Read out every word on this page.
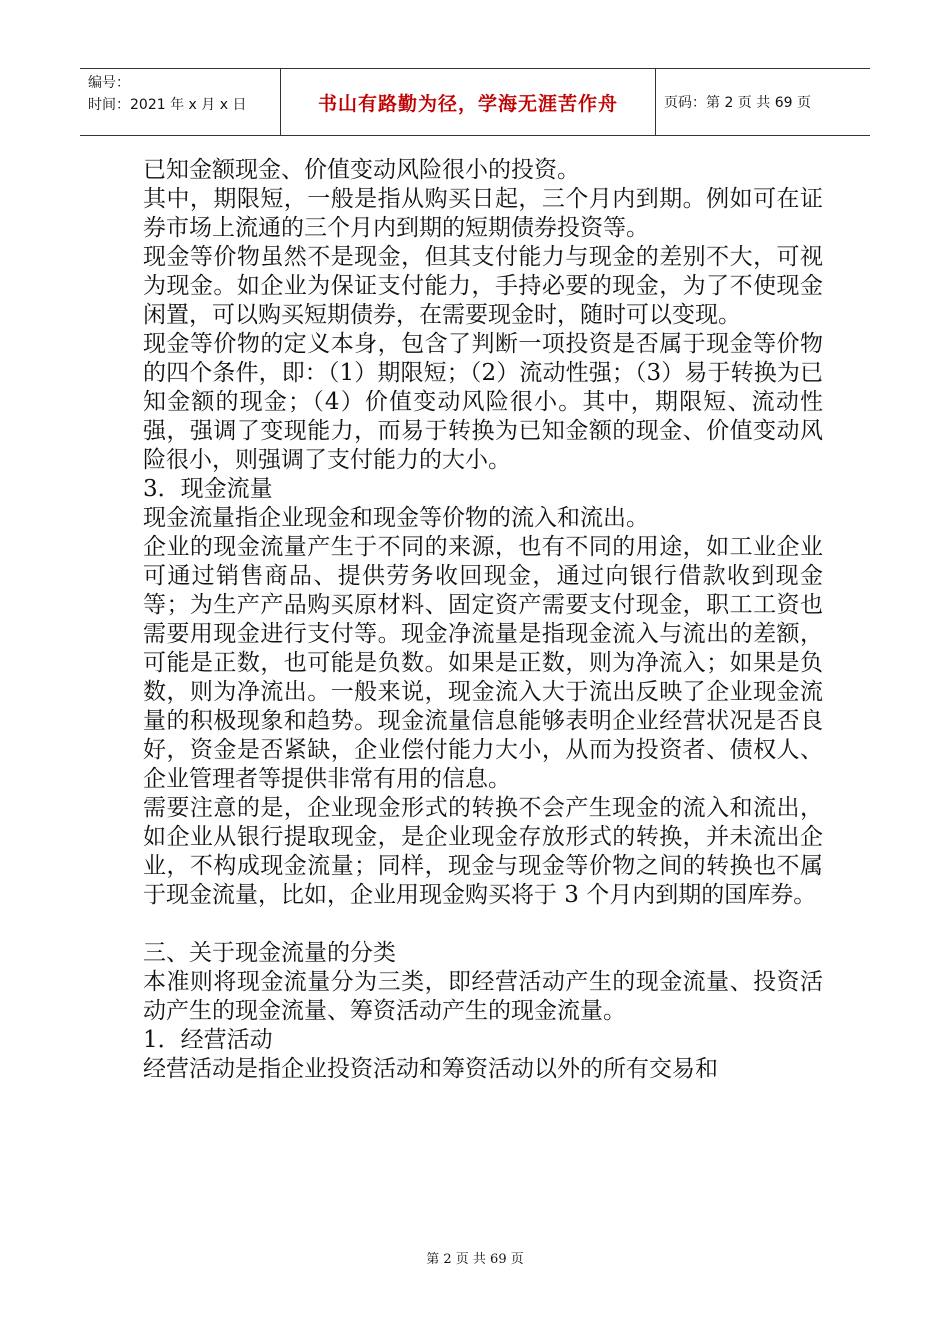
编号：
时间：2021 年 x 月 x 日	书山有路勤为径，学海无涯苦作舟	页码：第 2 页 共 69 页

已知金额现金、价值变动风险很小的投资。

其中，期限短，一般是指从购买日起，三个月内到期。例如可在证券市场上流通的三个月内到期的短期债券投资等。

现金等价物虽然不是现金，但其支付能力与现金的差别不大，可视为现金。如企业为保证支付能力，手持必要的现金，为了不使现金闲置，可以购买短期债券，在需要现金时，随时可以变现。

现金等价物的定义本身，包含了判断一项投资是否属于现金等价物的四个条件，即：（1）期限短；（2）流动性强；（3）易于转换为已知金额的现金；（4）价值变动风险很小。其中，期限短、流动性强，强调了变现能力，而易于转换为已知金额的现金、价值变动风险很小，则强调了支付能力的大小。

3．现金流量

现金流量指企业现金和现金等价物的流入和流出。

企业的现金流量产生于不同的来源，也有不同的用途，如工业企业可通过销售商品、提供劳务收回现金，通过向银行借款收到现金等；为生产产品购买原材料、固定资产需要支付现金，职工工资也需要用现金进行支付等。现金净流量是指现金流入与流出的差额，可能是正数，也可能是负数。如果是正数，则为净流入；如果是负数，则为净流出。一般来说，现金流入大于流出反映了企业现金流量的积极现象和趋势。现金流量信息能够表明企业经营状况是否良好，资金是否紧缺，企业偿付能力大小，从而为投资者、债权人、企业管理者等提供非常有用的信息。

需要注意的是，企业现金形式的转换不会产生现金的流入和流出，如企业从银行提取现金，是企业现金存放形式的转换，并未流出企业，不构成现金流量；同样，现金与现金等价物之间的转换也不属于现金流量，比如，企业用现金购买将于 3 个月内到期的国库券。

三、关于现金流量的分类

本准则将现金流量分为三类，即经营活动产生的现金流量、投资活动产生的现金流量、筹资活动产生的现金流量。

1．经营活动

经营活动是指企业投资活动和筹资活动以外的所有交易和

第 2 页 共 69 页
